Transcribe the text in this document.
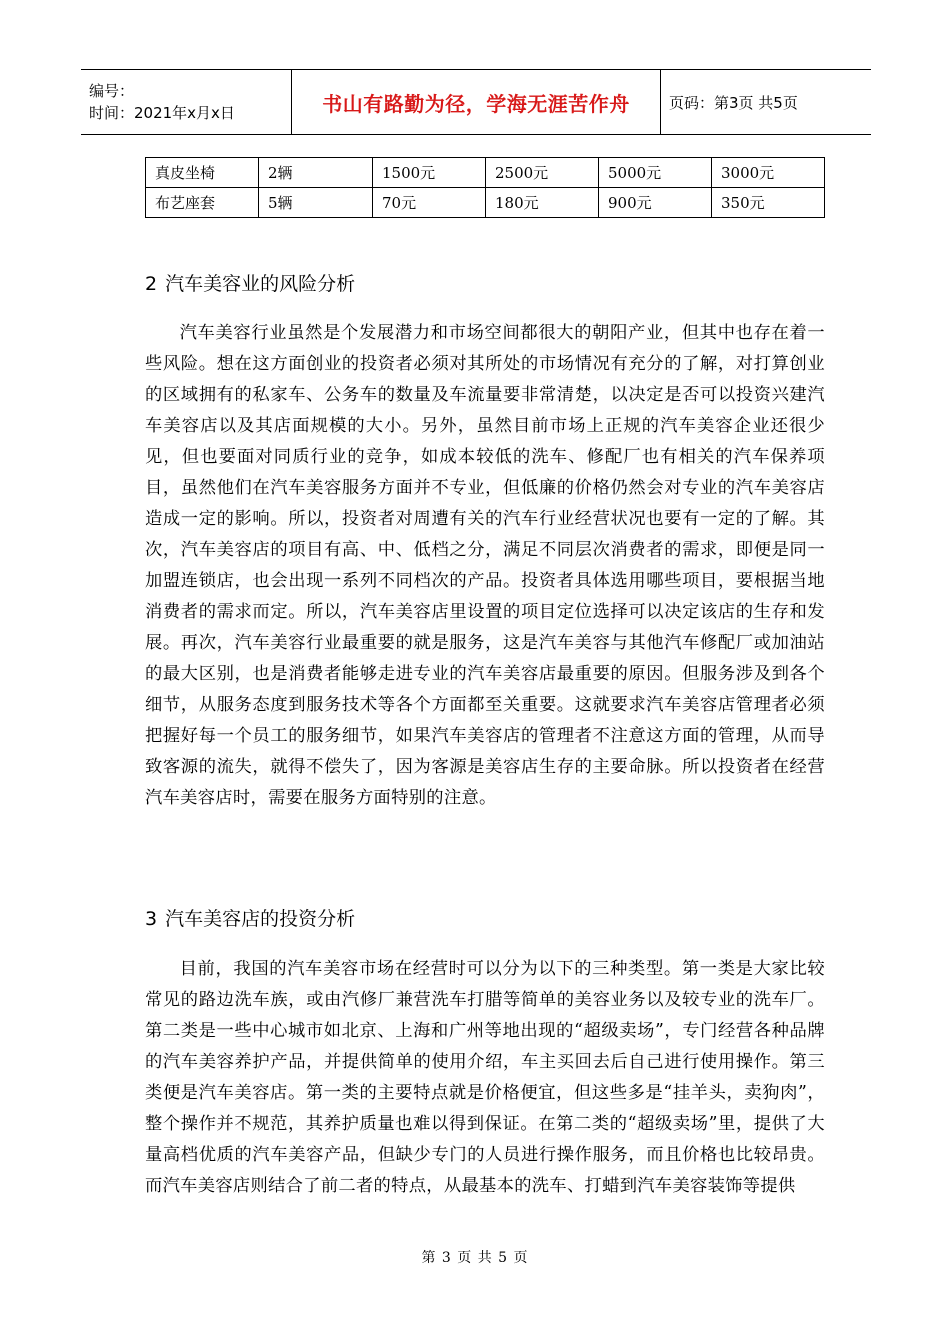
编号：
时间：2021年x月x日	书山有路勤为径，学海无涯苦作舟	页码：第3页 共5页
真皮坐椅	2辆	1500元	2500元	5000元	3000元
布艺座套	5辆	70元	180元	900元	350元
2 汽车美容业的风险分析

汽车美容行业虽然是个发展潜力和市场空间都很大的朝阳产业，但其中也存在着一些风险。想在这方面创业的投资者必须对其所处的市场情况有充分的了解，对打算创业的区域拥有的私家车、公务车的数量及车流量要非常清楚，以决定是否可以投资兴建汽车美容店以及其店面规模的大小。另外，虽然目前市场上正规的汽车美容企业还很少见，但也要面对同质行业的竞争，如成本较低的洗车、修配厂也有相关的汽车保养项目，虽然他们在汽车美容服务方面并不专业，但低廉的价格仍然会对专业的汽车美容店造成一定的影响。所以，投资者对周遭有关的汽车行业经营状况也要有一定的了解。其次，汽车美容店的项目有高、中、低档之分，满足不同层次消费者的需求，即便是同一加盟连锁店，也会出现一系列不同档次的产品。投资者具体选用哪些项目，要根据当地消费者的需求而定。所以，汽车美容店里设置的项目定位选择可以决定该店的生存和发展。再次，汽车美容行业最重要的就是服务，这是汽车美容与其他汽车修配厂或加油站的最大区别，也是消费者能够走进专业的汽车美容店最重要的原因。但服务涉及到各个细节，从服务态度到服务技术等各个方面都至关重要。这就要求汽车美容店管理者必须把握好每一个员工的服务细节，如果汽车美容店的管理者不注意这方面的管理，从而导致客源的流失，就得不偿失了，因为客源是美容店生存的主要命脉。所以投资者在经营汽车美容店时，需要在服务方面特别的注意。

3 汽车美容店的投资分析

目前，我国的汽车美容市场在经营时可以分为以下的三种类型。第一类是大家比较常见的路边洗车族，或由汽修厂兼营洗车打腊等简单的美容业务以及较专业的洗车厂。第二类是一些中心城市如北京、上海和广州等地出现的“超级卖场”，专门经营各种品牌的汽车美容养护产品，并提供简单的使用介绍，车主买回去后自己进行使用操作。第三类便是汽车美容店。第一类的主要特点就是价格便宜，但这些多是“挂羊头，卖狗肉”，整个操作并不规范，其养护质量也难以得到保证。在第二类的“超级卖场”里，提供了大量高档优质的汽车美容产品，但缺少专门的人员进行操作服务，而且价格也比较昂贵。而汽车美容店则结合了前二者的特点，从最基本的洗车、打蜡到汽车美容装饰等提供

第 3 页 共 5 页
